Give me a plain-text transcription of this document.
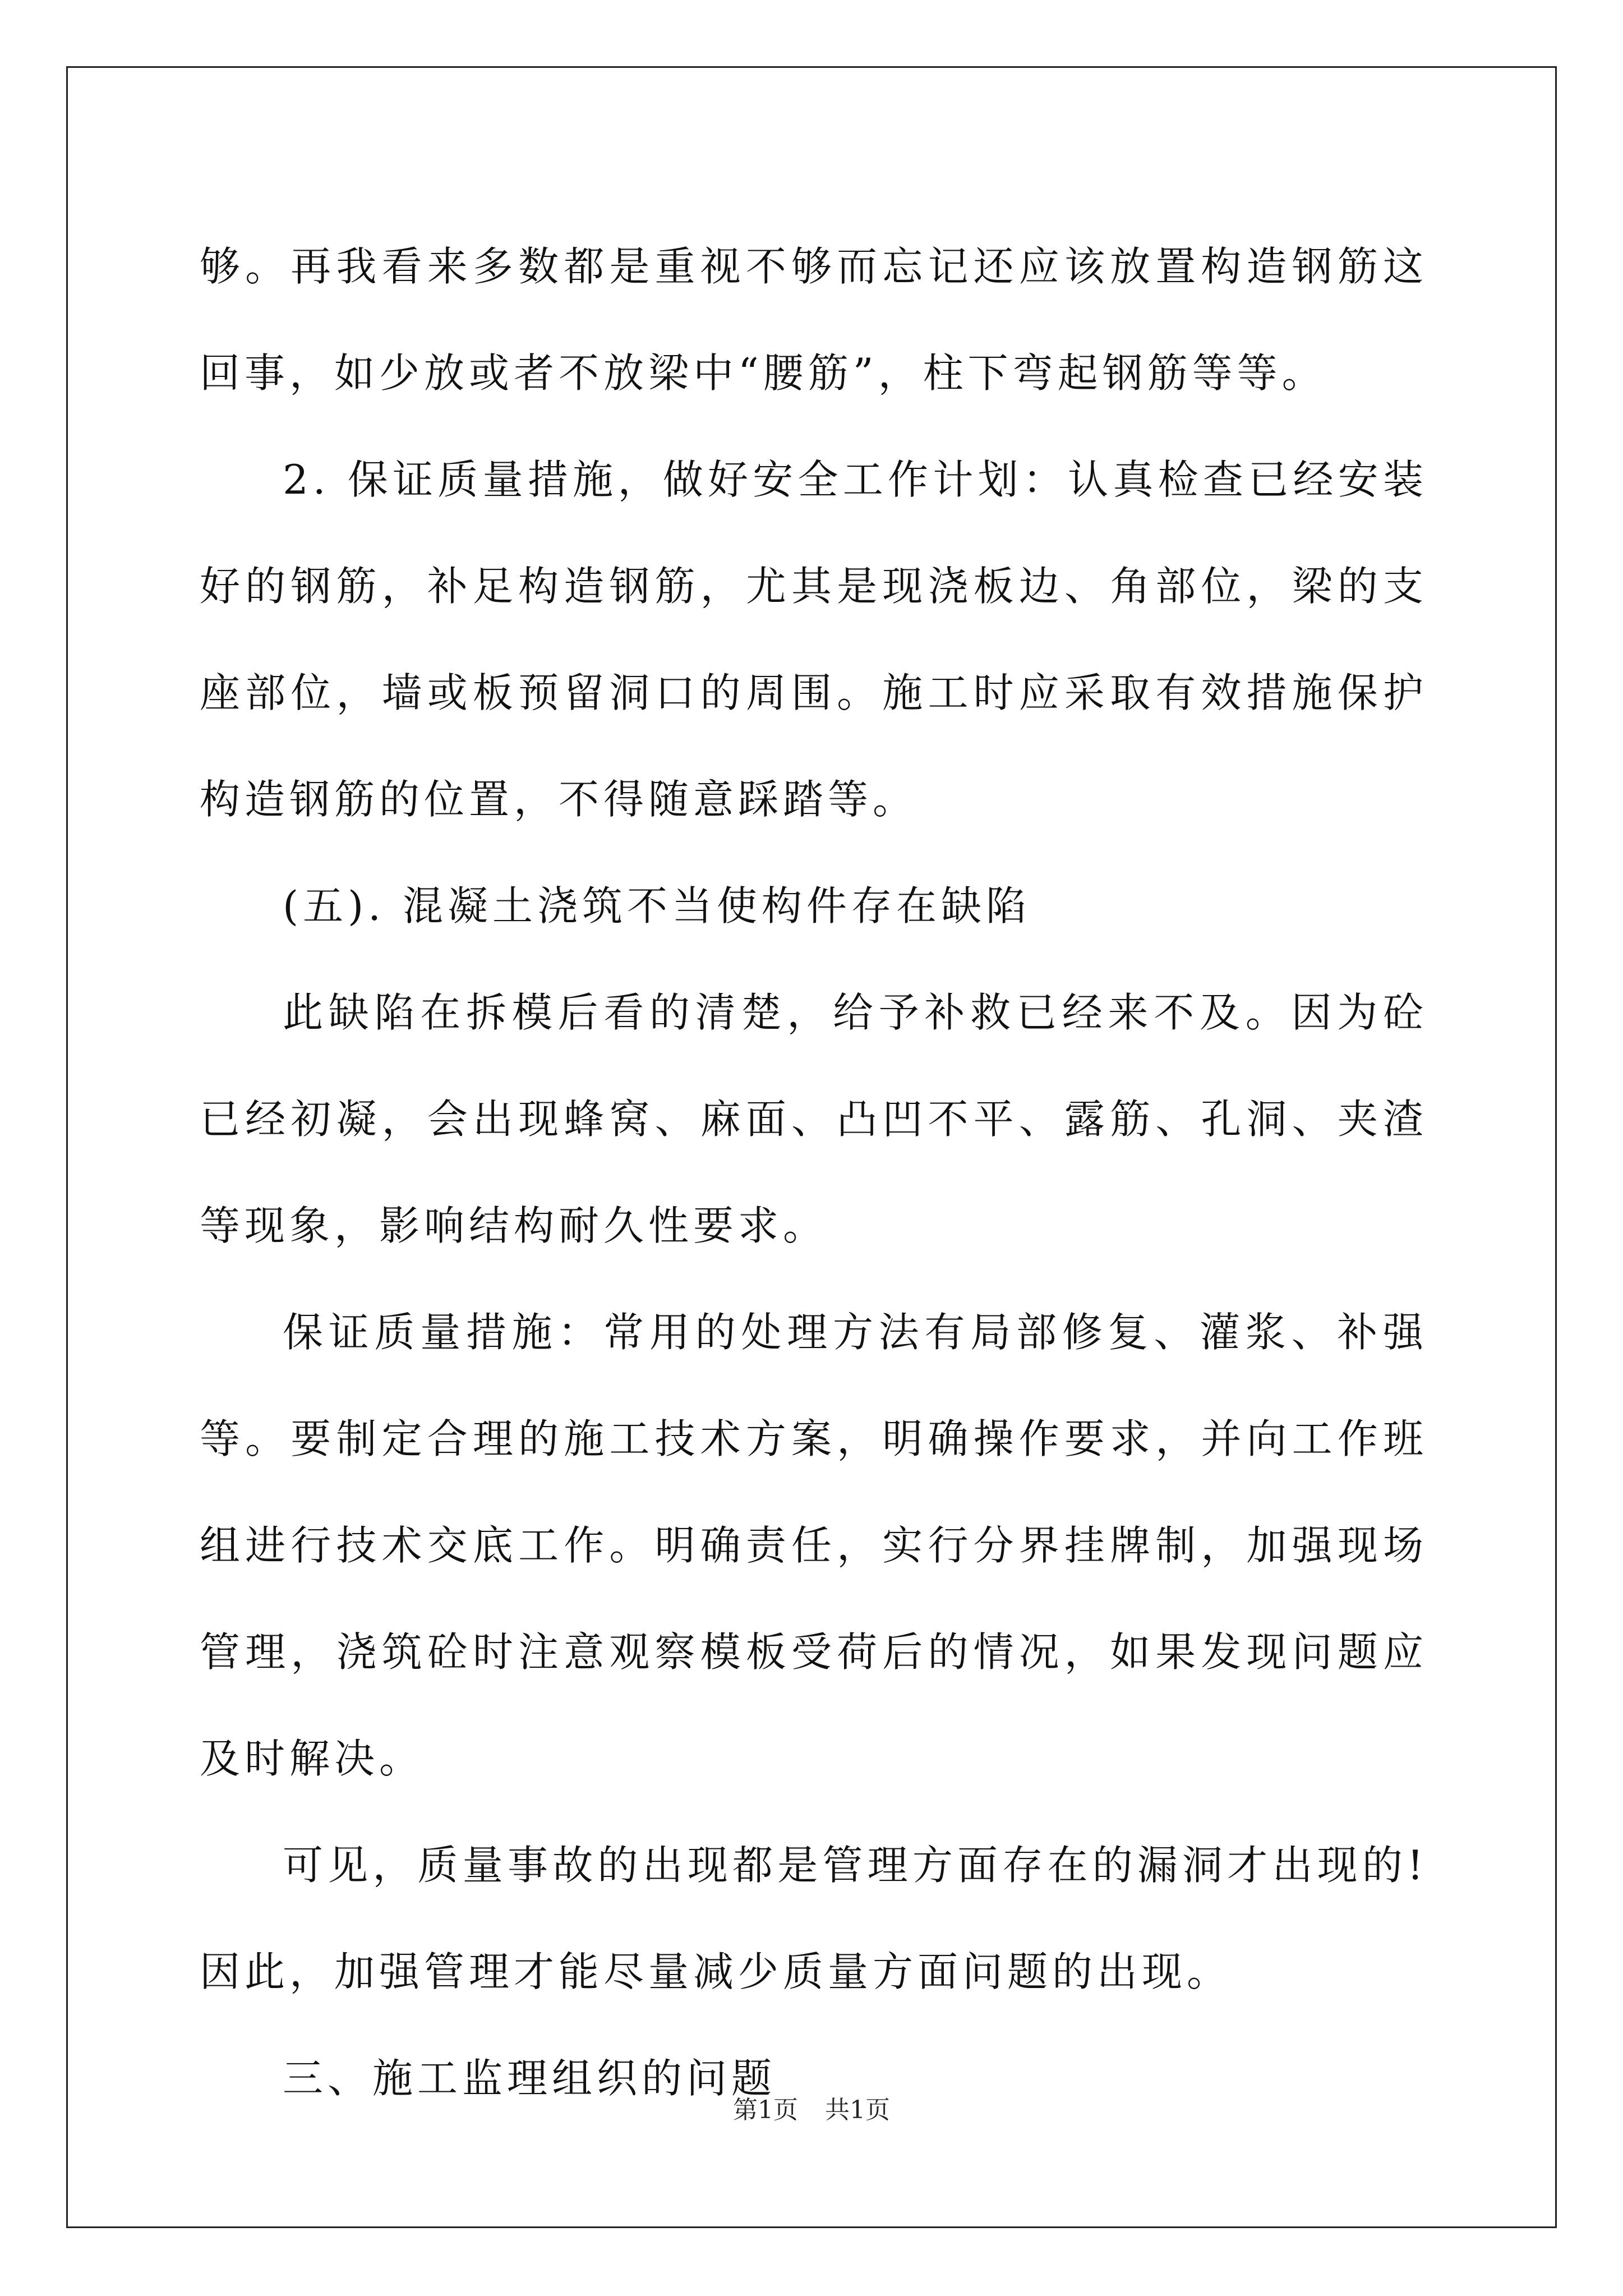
够。再我看来多数都是重视不够而忘记还应该放置构造钢筋这回事，如少放或者不放梁中“腰筋”，柱下弯起钢筋等等。

2. 保证质量措施，做好安全工作计划：认真检查已经安装好的钢筋，补足构造钢筋，尤其是现浇板边、角部位，梁的支座部位，墙或板预留洞口的周围。施工时应采取有效措施保护构造钢筋的位置，不得随意踩踏等。

(五). 混凝土浇筑不当使构件存在缺陷

此缺陷在拆模后看的清楚，给予补救已经来不及。因为砼已经初凝，会出现蜂窝、麻面、凸凹不平、露筋、孔洞、夹渣等现象，影响结构耐久性要求。

保证质量措施：常用的处理方法有局部修复、灌浆、补强等。要制定合理的施工技术方案，明确操作要求，并向工作班组进行技术交底工作。明确责任，实行分界挂牌制，加强现场管理，浇筑砼时注意观察模板受荷后的情况，如果发现问题应及时解决。

可见，质量事故的出现都是管理方面存在的漏洞才出现的!因此，加强管理才能尽量减少质量方面问题的出现。

三、施工监理组织的问题

第1页 共1页
